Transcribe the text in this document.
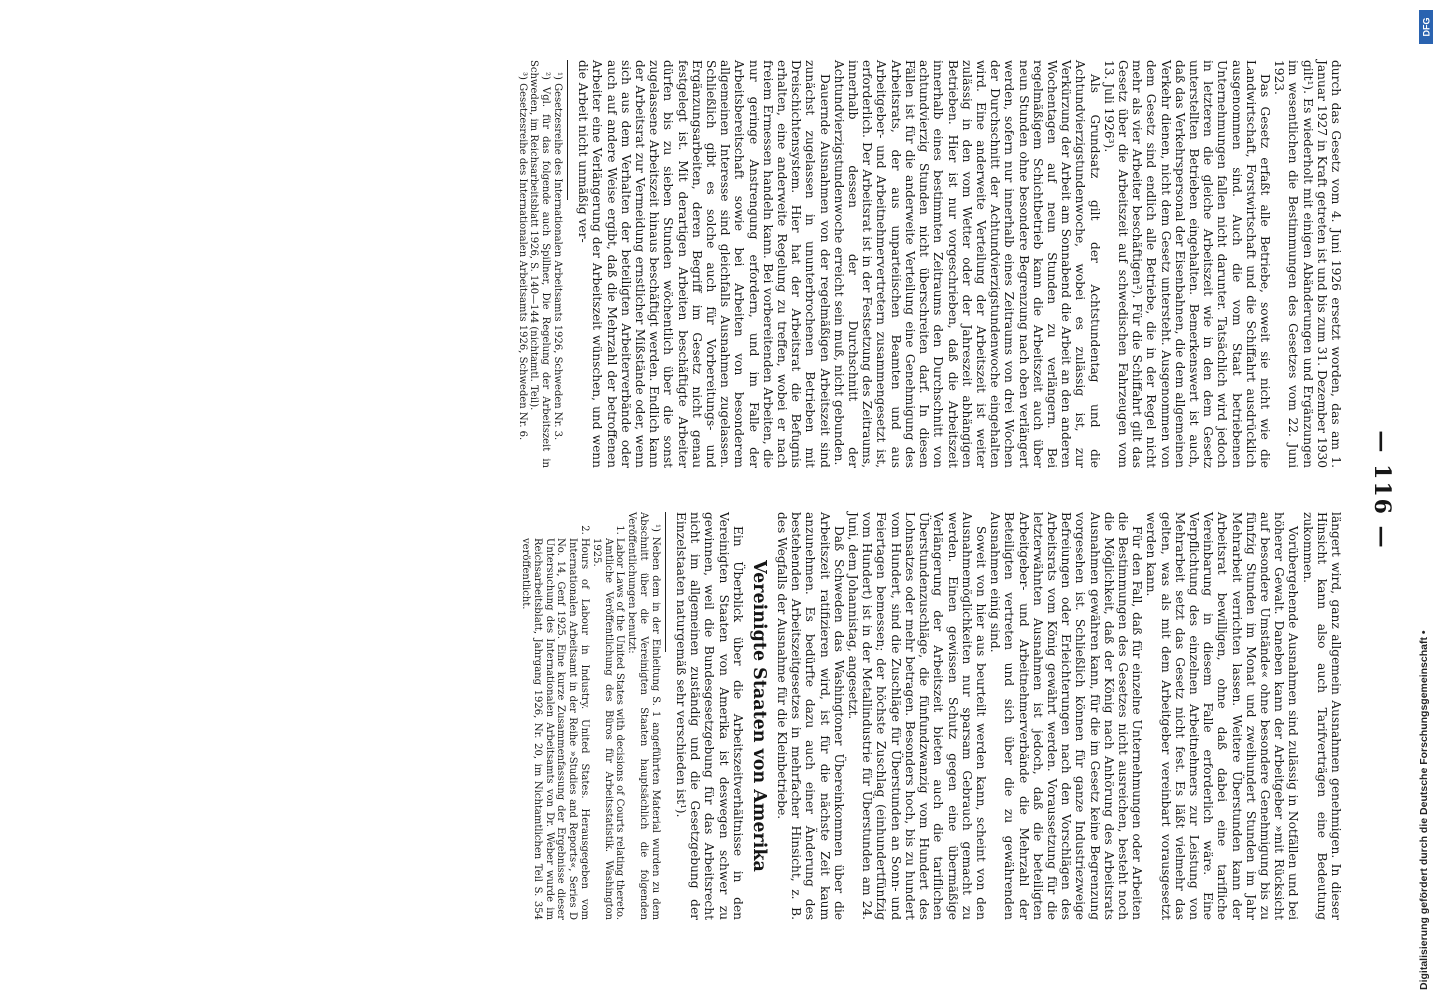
— 116 —

durch das Gesetz vom 4. Juni 1926 ersetzt worden, das am 1. Januar 1927 in Kraft getreten ist und bis zum 31. Dezember 1930 gilt¹). Es wiederholt mit einigen Abänderungen und Ergänzungen im wesentlichen die Bestimmungen des Gesetzes vom 22. Juni 1923.

Das Gesetz erfaßt alle Betriebe, soweit sie nicht wie die Landwirtschaft, Forstwirtschaft und die Schiffahrt ausdrücklich ausgenommen sind. Auch die vom Staat betriebenen Unternehmungen fallen nicht darunter. Tatsächlich wird jedoch in letzteren die gleiche Arbeitszeit wie in den dem Gesetz unterstellten Betrieben eingehalten. Bemerkenswert ist auch, daß das Verkehrspersonal der Eisenbahnen, die dem allgemeinen Verkehr dienen, nicht dem Gesetz untersteht. Ausgenommen von dem Gesetz sind endlich alle Betriebe, die in der Regel nicht mehr als vier Arbeiter beschäftigen²). Für die Schiffahrt gilt das Gesetz über die Arbeitszeit auf schwedischen Fahrzeugen vom 13. Juli 1926³).

Als Grundsatz gilt der Achtstundentag und die Achtundvierzigstundenwoche, wobei es zulässig ist, zur Verkürzung der Arbeit am Sonnabend die Arbeit an den anderen Wochentagen auf neun Stunden zu verlängern. Bei regelmäßigem Schichtbetrieb kann die Arbeitszeit auch über neun Stunden ohne besondere Begrenzung nach oben verlängert werden, sofern nur innerhalb eines Zeitraums von drei Wochen der Durchschnitt der Achtundvierzigstundenwoche eingehalten wird. Eine anderweite Verteilung der Arbeitszeit ist weiter zulässig in den vom Wetter oder der Jahreszeit abhängigen Betrieben. Hier ist nur vorgeschrieben, daß die Arbeitszeit innerhalb eines bestimmten Zeitraums den Durchschnitt von achtundvierzig Stunden nicht überschreiten darf. In diesen Fällen ist für die anderweite Verteilung eine Genehmigung des Arbeitsrats, der aus unparteiischen Beamten und aus Arbeitgeber- und Arbeitnehmervertretern zusammengesetzt ist, erforderlich. Der Arbeitsrat ist in der Festsetzung des Zeitraums, innerhalb dessen der Durchschnitt der Achtundvierzigstundenwoche erreicht sein muß, nicht gebunden.

Dauernde Ausnahmen von der regelmäßigen Arbeitszeit sind zunächst zugelassen in ununterbrochenen Betrieben mit Dreischichtensystem. Hier hat der Arbeitsrat die Befugnis erhalten, eine anderweite Regelung zu treffen, wobei er nach freiem Ermessen handeln kann. Bei vorbereitenden Arbeiten, die nur geringe Anstrengung erfordern, und im Falle der Arbeitsbereitschaft sowie bei Arbeiten von besonderem allgemeinen Interesse sind gleichfalls Ausnahmen zugelassen. Schließlich gibt es solche auch für Vorbereitungs- und Ergänzungsarbeiten, deren Begriff im Gesetz nicht genau festgelegt ist. Mit derartigen Arbeiten beschäftigte Arbeiter dürfen bis zu sieben Stunden wöchentlich über die sonst zugelassene Arbeitszeit hinaus beschäftigt werden. Endlich kann der Arbeitsrat zur Vermeidung ernstlicher Mißstände oder, wenn sich aus dem Verhalten der beteiligten Arbeiterverbände oder auch auf andere Weise ergibt, daß die Mehrzahl der betroffenen Arbeiter eine Verlängerung der Arbeitszeit wünschen, und wenn die Arbeit nicht unmäßig ver-

¹) Gesetzesreihe des Internationalen Arbeitsamts 1926, Schweden Nr. 3.

²) Vgl. für das folgende auch Spillner, Die Regelung der Arbeitszeit in Schweden, im Reichsarbeitsblatt 1926, S. 140—144 (nichtamtl. Teil).

³) Gesetzesreihe des Internationalen Arbeitsamts 1926, Schweden Nr. 6.

längert wird, ganz allgemein Ausnahmen genehmigen. In dieser Hinsicht kann also auch Tarifverträgen eine Bedeutung zukommen.

Vorübergehende Ausnahmen sind zulässig in Notfällen und bei höherer Gewalt. Daneben kann der Arbeitgeber »mit Rücksicht auf besondere Umstände« ohne besondere Genehmigung bis zu fünfzig Stunden im Monat und zweihundert Stunden im Jahr Mehrarbeit verrichten lassen. Weitere Überstunden kann der Arbeitsrat bewilligen, ohne daß dabei eine tarifliche Vereinbarung in diesem Falle erforderlich wäre. Eine Verpflichtung des einzelnen Arbeitnehmers zur Leistung von Mehrarbeit setzt das Gesetz nicht fest. Es läßt vielmehr das gelten, was als mit dem Arbeitgeber vereinbart vorausgesetzt werden kann.

Für den Fall, daß für einzelne Unternehmungen oder Arbeiten die Bestimmungen des Gesetzes nicht ausreichen, besteht noch die Möglichkeit, daß der König nach Anhörung des Arbeitsrats Ausnahmen gewähren kann, für die im Gesetz keine Begrenzung vorgesehen ist. Schließlich können für ganze Industriezweige Befreiungen oder Erleichterungen nach den Vorschlägen des Arbeitsrats vom König gewährt werden. Voraussetzung für die letzterwähnten Ausnahmen ist jedoch, daß die beteiligten Arbeitgeber- und Arbeitnehmerverbände die Mehrzahl der Beteiligten vertreten und sich über die zu gewährenden Ausnahmen einig sind.

Soweit von hier aus beurteilt werden kann, scheint von den Ausnahmemöglichkeiten nur sparsam Gebrauch gemacht zu werden. Einen gewissen Schutz gegen eine übermäßige Verlängerung der Arbeitszeit bieten auch die tariflichen Überstundenzuschläge, die fünfundzwanzig vom Hundert des Lohnsatzes oder mehr betragen. Besonders hoch, bis zu hundert vom Hundert, sind die Zuschläge für Überstunden an Sonn- und Feiertagen bemessen; der höchste Zuschlag (einhundertfünfzig vom Hundert) ist in der Metallindustrie für Überstunden am 24. Juni, dem Johannistag, angesetzt.

Daß Schweden das Washingtoner Übereinkommen über die Arbeitszeit ratifizieren wird, ist für die nächste Zeit kaum anzunehmen. Es bedürfte dazu auch einer Änderung des bestehenden Arbeitszeitgesetzes in mehrfacher Hinsicht, z. B. des Wegfalls der Ausnahme für die Kleinbetriebe.

Vereinigte Staaten von Amerika

Ein Überblick über die Arbeitszeitverhältnisse in den Vereinigten Staaten von Amerika ist deswegen schwer zu gewinnen, weil die Bundesgesetzgebung für das Arbeitsrecht nicht im allgemeinen zuständig und die Gesetzgebung der Einzelstaaten naturgemäß sehr verschieden ist¹).

¹) Neben dem in der Einleitung S. 1 angeführten Material wurden zu dem Abschnitt über die Vereinigten Staaten hauptsächlich die folgenden Veröffentlichungen benutzt:

1. Labor Laws of the United States with decisions of Courts relating thereto. Amtliche Veröffentlichung des Büros für Arbeitsstatistik. Washington 1925.
2. Hours of Labour in Industry. United States. Herausgegeben vom Internationalen Arbeitsamt in der Reihe »Studies and Reports«, Series D No. 14, Genf 1925. Eine kurze Zusammenfassung der Ergebnisse dieser Untersuchung des Internationalen Arbeitsamts von Dr. Weber wurde im Reichsarbeitsblatt, Jahrgang 1926, Nr. 20, im Nichtamtlichen Teil S. 354 veröffentlicht.
Digitalisierung gefördert durch die Deutsche Forschungsgemeinschaft •
DFG
